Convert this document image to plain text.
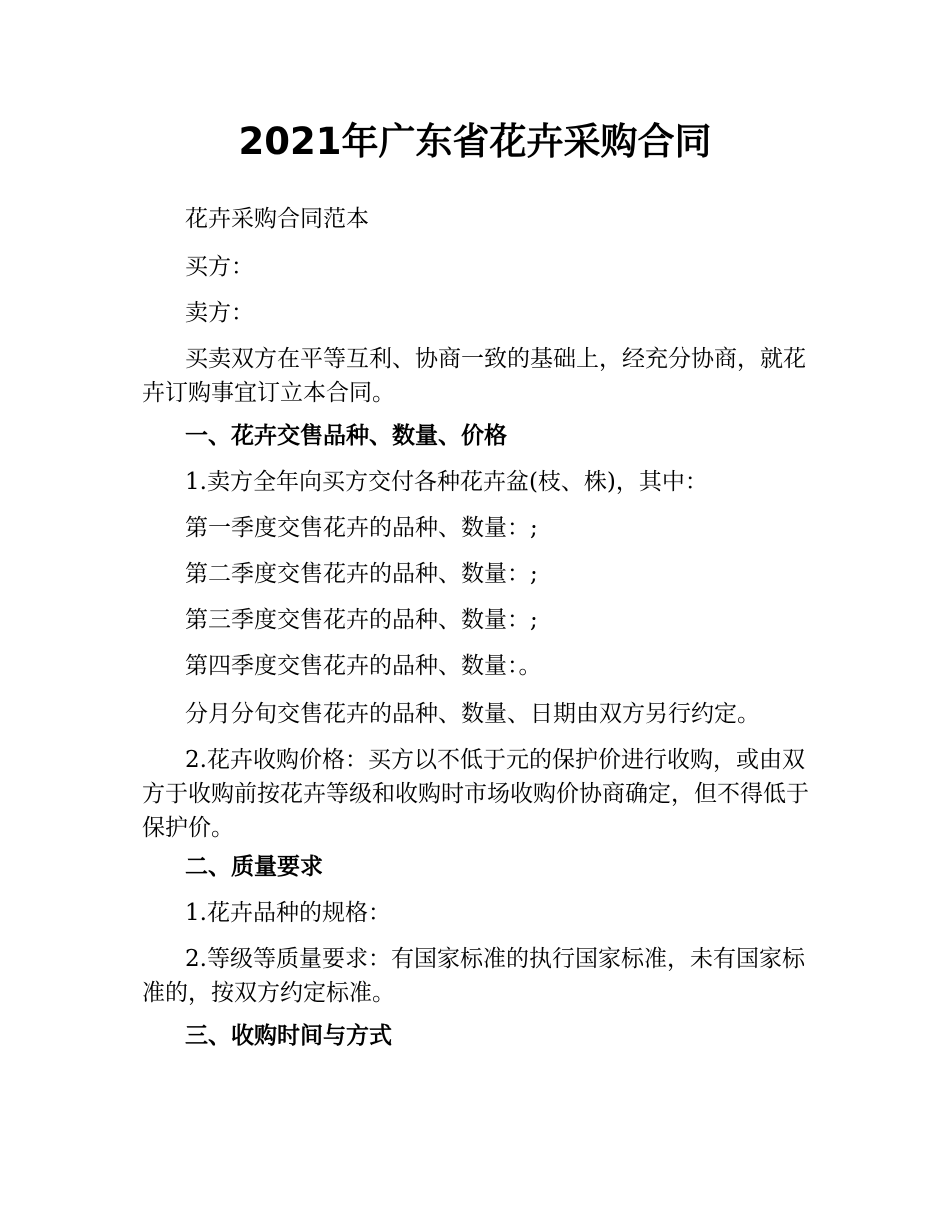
2021年广东省花卉采购合同

花卉采购合同范本

买方：

卖方：

买卖双方在平等互利、协商一致的基础上，经充分协商，就花卉订购事宜订立本合同。

一、花卉交售品种、数量、价格

1.卖方全年向买方交付各种花卉盆(枝、株)，其中：

第一季度交售花卉的品种、数量：;

第二季度交售花卉的品种、数量：;

第三季度交售花卉的品种、数量：;

第四季度交售花卉的品种、数量：。

分月分旬交售花卉的品种、数量、日期由双方另行约定。

2.花卉收购价格：买方以不低于元的保护价进行收购，或由双方于收购前按花卉等级和收购时市场收购价协商确定，但不得低于保护价。

二、质量要求

1.花卉品种的规格：

2.等级等质量要求：有国家标准的执行国家标准，未有国家标准的，按双方约定标准。

三、收购时间与方式
